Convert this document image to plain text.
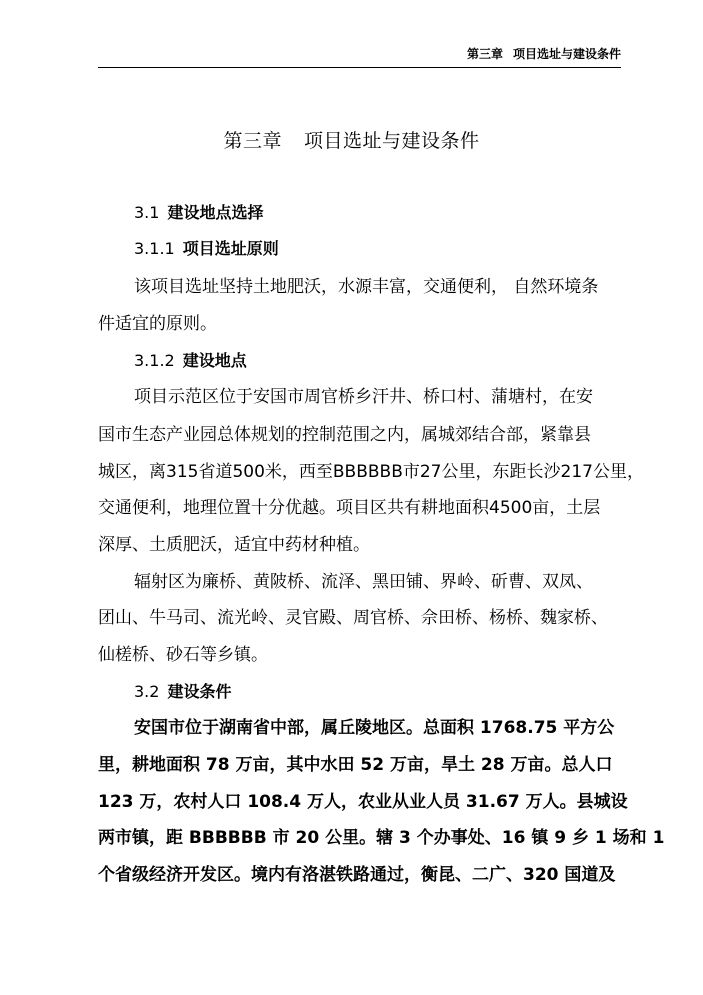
第三章 项目选址与建设条件
第三章 项目选址与建设条件
3.1 建设地点选择
3.1.1 项目选址原则
该项目选址坚持土地肥沃，水源丰富，交通便利， 自然环境条
件适宜的原则。
3.1.2 建设地点
项目示范区位于安国市周官桥乡汗井、桥口村、蒲塘村，在安
国市生态产业园总体规划的控制范围之内，属城郊结合部，紧靠县
城区，离315省道500米，西至BBBBBB市27公里，东距长沙217公里，
交通便利，地理位置十分优越。项目区共有耕地面积4500亩，土层
深厚、土质肥沃，适宜中药材种植。
辐射区为廉桥、黄陂桥、流泽、黑田铺、界岭、斫曹、双凤、
团山、牛马司、流光岭、灵官殿、周官桥、佘田桥、杨桥、魏家桥、
仙槎桥、砂石等乡镇。
3.2 建设条件
安国市位于湖南省中部，属丘陵地区。总面积 1768.75 平方公
里，耕地面积 78 万亩，其中水田 52 万亩，旱土 28 万亩。总人口
123 万，农村人口 108.4 万人，农业从业人员 31.67 万人。县城设
两市镇，距 BBBBBB 市 20 公里。辖 3 个办事处、16 镇 9 乡 1 场和 1
个省级经济开发区。境内有洛湛铁路通过，衡昆、二广、320 国道及
